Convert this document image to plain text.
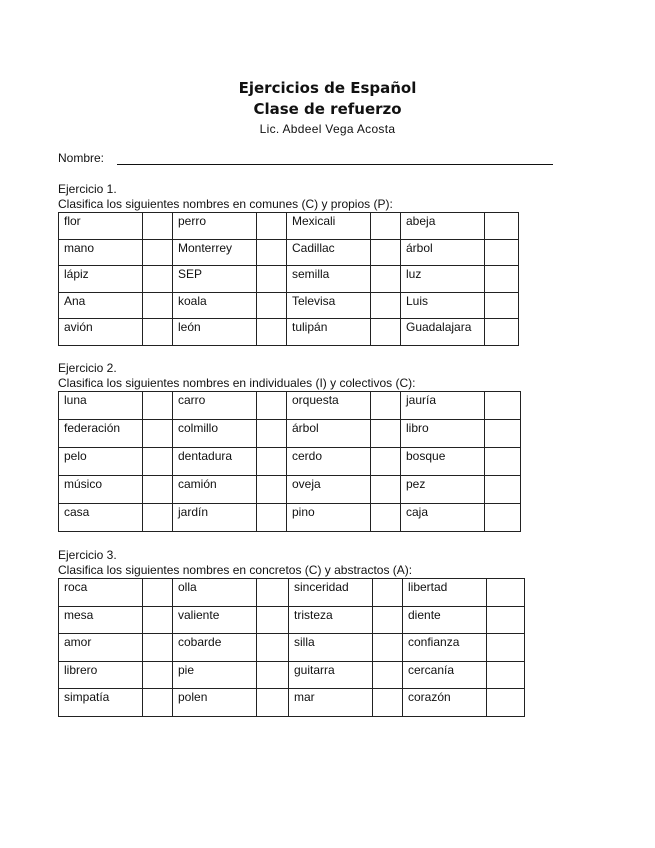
Ejercicios de Español
Clase de refuerzo
Lic. Abdeel Vega Acosta
Nombre:
Ejercicio 1.
Clasifica los siguientes nombres en comunes (C) y propios (P):
flor		perro		Mexicali		abeja	
mano		Monterrey		Cadillac		árbol	
lápiz		SEP		semilla		luz	
Ana		koala		Televisa		Luis	
avión		león		tulipán		Guadalajara	
Ejercicio 2.
Clasifica los siguientes nombres en individuales (I) y colectivos (C):
luna		carro		orquesta		jauría	
federación		colmillo		árbol		libro	
pelo		dentadura		cerdo		bosque	
músico		camión		oveja		pez	
casa		jardín		pino		caja	
Ejercicio 3.
Clasifica los siguientes nombres en concretos (C) y abstractos (A):
roca		olla		sinceridad		libertad	
mesa		valiente		tristeza		diente	
amor		cobarde		silla		confianza	
librero		pie		guitarra		cercanía	
simpatía		polen		mar		corazón	
